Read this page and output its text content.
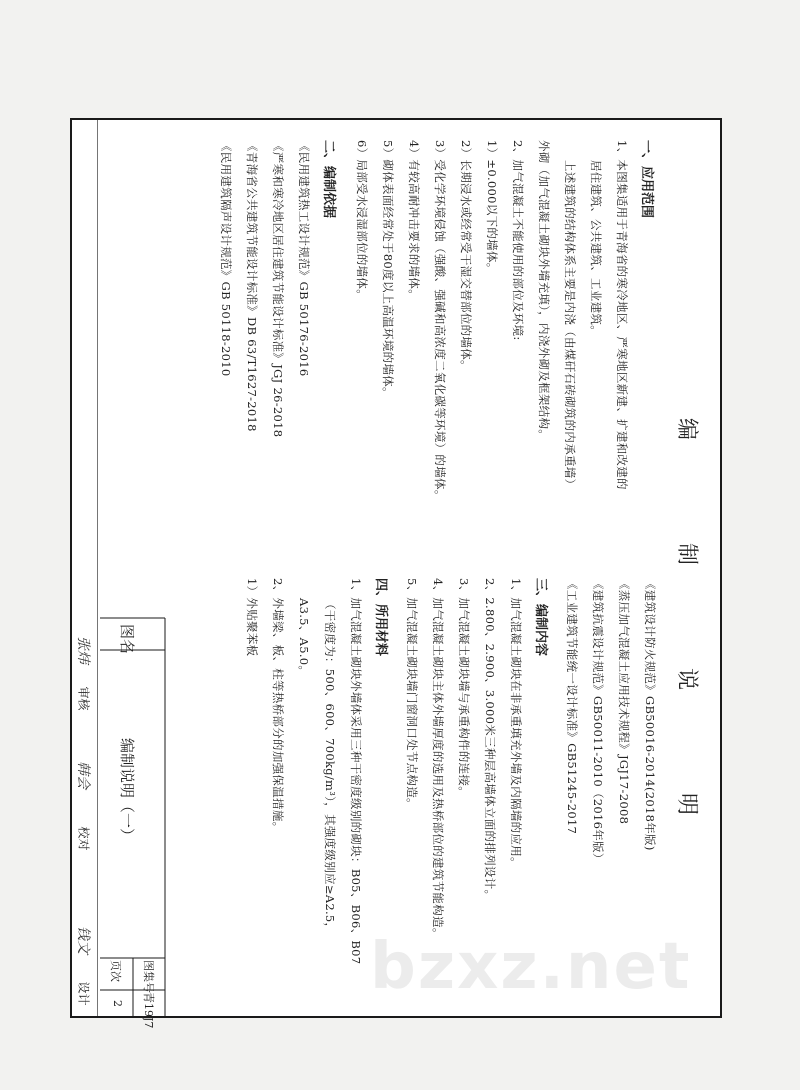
编 制 说 明
一、应用范围
1、本图集适用于青海省的寒冷地区、严寒地区新建、扩建和改建的
居住建筑、公共建筑、工业建筑。
上述建筑的结构体系主要是内浇（由煤矸石砖砌筑的内承重墙）
外砌（加气混凝土砌块外墙充填），内浇外砌及框架结构。
2、加气混凝土不能使用的部位及环境:
1）±0.000以下的墙体。
2）长期浸水或经常受干湿交替部位的墙体。
3）受化学环境侵蚀（强酸、强碱和高浓度二氧化碳等环境）的墙体。
4）有较高耐冲击要求的墙体。
5）砌体表面经常处于80度以上高温环境的墙体。
6）局部受水浸湿部位的墙体。
二、编制依据
《民用建筑热工设计规范》GB 50176-2016
《严寒和寒冷地区居住建筑节能设计标准》JGJ 26-2018
《青海省公共建筑节能设计标准》DB 63/T1627-2018
《民用建筑隔声设计规范》GB 50118-2010
《建筑设计防火规范》GB50016-2014(2018年版)
《蒸压加气混凝土应用技术规程》JGJ17-2008
《建筑抗震设计规范》GB50011-2010（2016年版）
《工业建筑节能统一设计标准》GB51245-2017
三、编制内容
1、加气混凝土砌块在非承重填充外墙及内隔墙的应用。
2、2.800、2.900、3.000米三种层高墙体立面的排列设计。
3、加气混凝土砌块墙与承重构件的连接。
4、加气混凝土砌块主体外墙厚度的选用及热桥部位的建筑节能构造。
5、加气混凝土砌块墙门窗洞口处节点构造。
四、所用材料
1、加气混凝土砌块外墙体采用三种干密度级别的砌块：B05、B06、B07
（干密度为：500、600、700kg/m³），其强度级别应≥A2.5，
A3.5、A5.0。
2、外墙梁、板、柱等热桥部分的加强保温措施。
1）外贴聚苯板
图名
编制说明（一）
图集号
青19J7
页次
2
审核
张炜
校对
韩会
设计
钱文	bzxz.net
